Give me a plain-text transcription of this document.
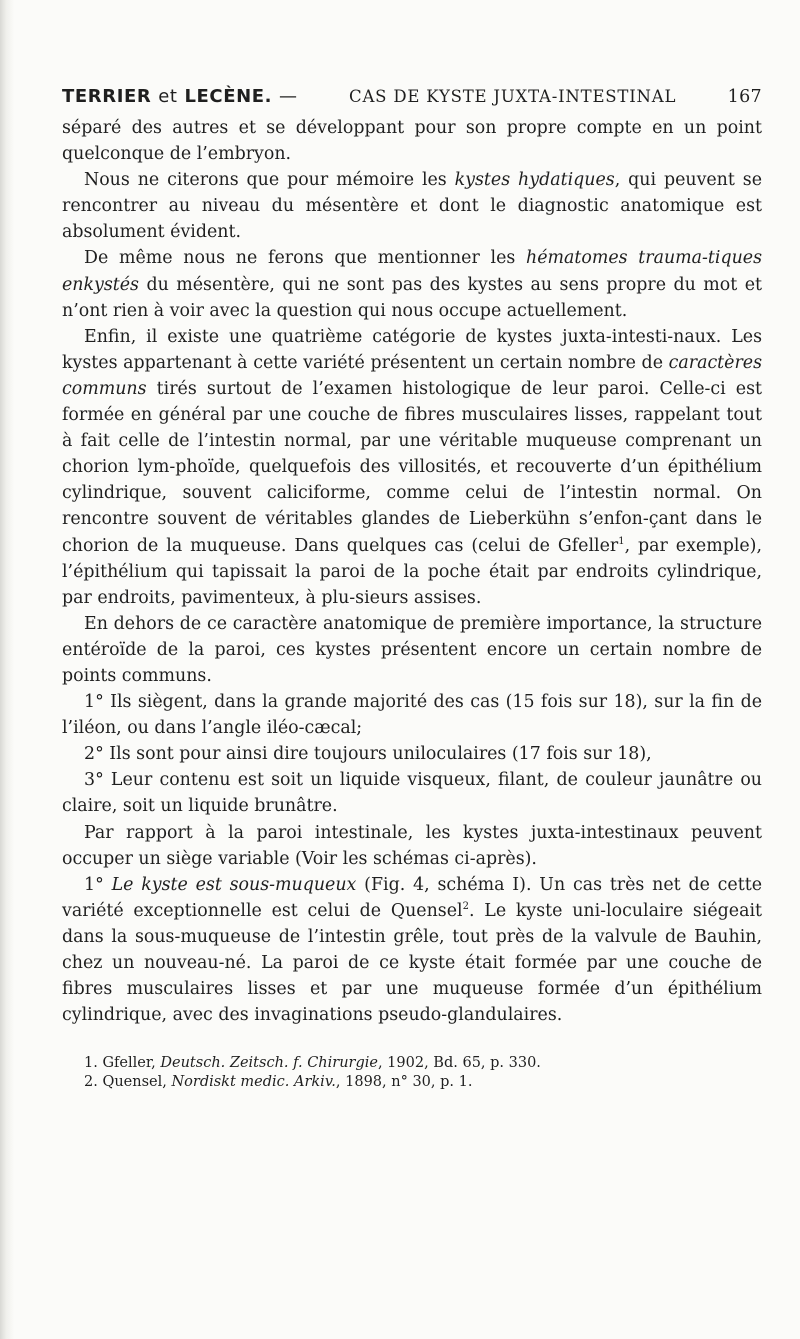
TERRIER et LECÈNE. —	CAS DE KYSTE JUXTA-INTESTINAL	167

séparé des autres et se développant pour son propre compte en un point quelconque de l’embryon.

Nous ne citerons que pour mémoire les kystes hydatiques, qui peuvent se rencontrer au niveau du mésentère et dont le diagnostic anatomique est absolument évident.

De même nous ne ferons que mentionner les hématomes trauma-tiques enkystés du mésentère, qui ne sont pas des kystes au sens propre du mot et n’ont rien à voir avec la question qui nous occupe actuellement.

Enfin, il existe une quatrième catégorie de kystes juxta-intesti-naux. Les kystes appartenant à cette variété présentent un certain nombre de caractères communs tirés surtout de l’examen histologique de leur paroi. Celle-ci est formée en général par une couche de fibres musculaires lisses, rappelant tout à fait celle de l’intestin normal, par une véritable muqueuse comprenant un chorion lym-phoïde, quelquefois des villosités, et recouverte d’un épithélium cylindrique, souvent caliciforme, comme celui de l’intestin normal. On rencontre souvent de véritables glandes de Lieberkühn s’enfon-çant dans le chorion de la muqueuse. Dans quelques cas (celui de Gfeller$^1$, par exemple), l’épithélium qui tapissait la paroi de la poche était par endroits cylindrique, par endroits, pavimenteux, à plu-sieurs assises.

En dehors de ce caractère anatomique de première importance, la structure entéroïde de la paroi, ces kystes présentent encore un certain nombre de points communs.

1° Ils siègent, dans la grande majorité des cas (15 fois sur 18), sur la fin de l’iléon, ou dans l’angle iléo-cæcal;

2° Ils sont pour ainsi dire toujours uniloculaires (17 fois sur 18),

3° Leur contenu est soit un liquide visqueux, filant, de couleur jaunâtre ou claire, soit un liquide brunâtre.

Par rapport à la paroi intestinale, les kystes juxta-intestinaux peuvent occuper un siège variable (Voir les schémas ci-après).

1° Le kyste est sous-muqueux (Fig. 4, schéma I). Un cas très net de cette variété exceptionnelle est celui de Quensel$^2$. Le kyste uni-loculaire siégeait dans la sous-muqueuse de l’intestin grêle, tout près de la valvule de Bauhin, chez un nouveau-né. La paroi de ce kyste était formée par une couche de fibres musculaires lisses et par une muqueuse formée d’un épithélium cylindrique, avec des invaginations pseudo-glandulaires.

1. Gfeller, Deutsch. Zeitsch. f. Chirurgie, 1902, Bd. 65, p. 330.
2. Quensel, Nordiskt medic. Arkiv., 1898, n° 30, p. 1.
